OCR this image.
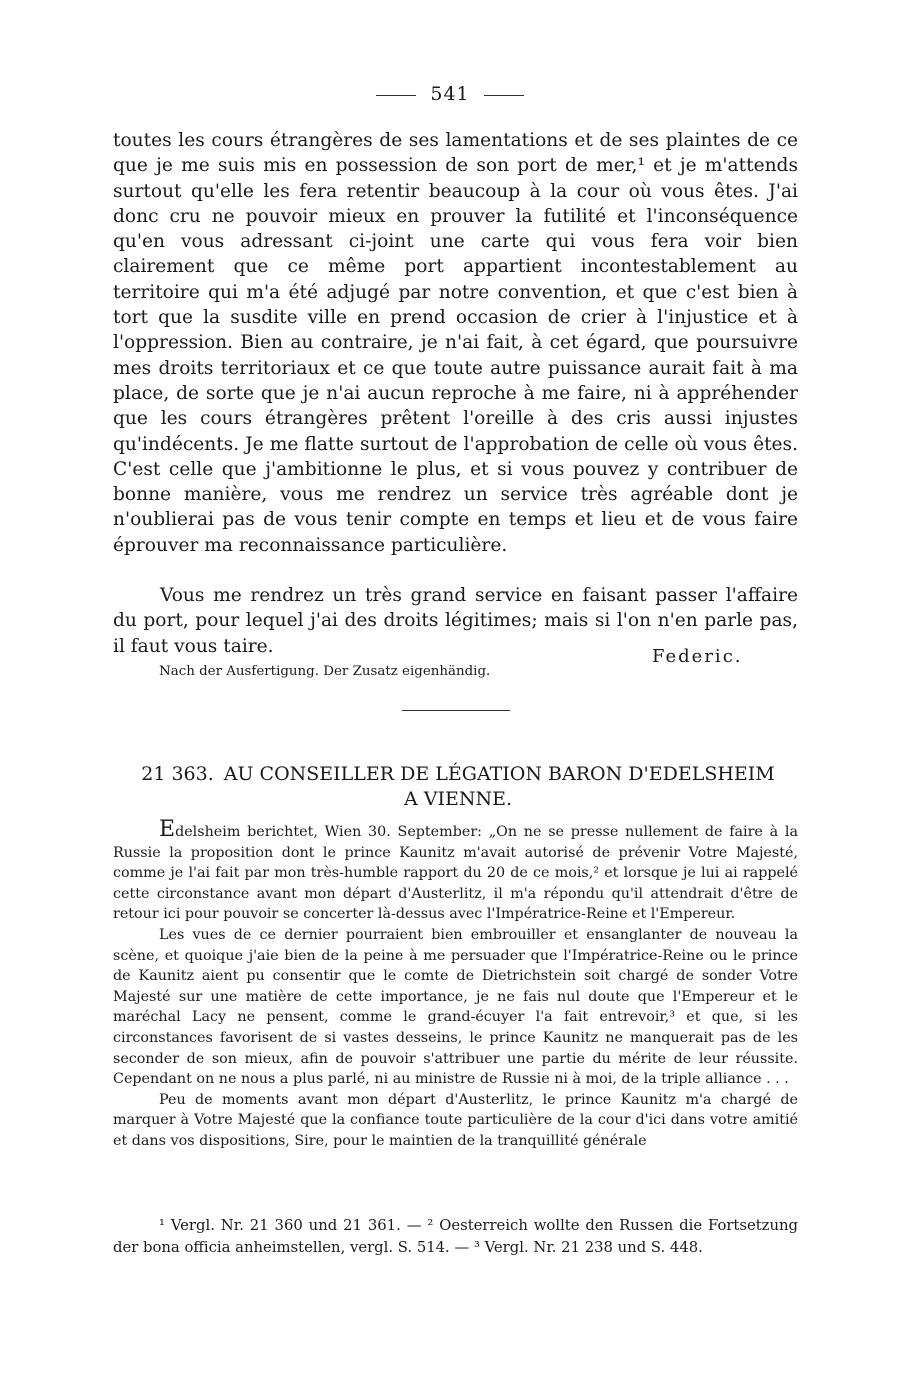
541

toutes les cours étrangères de ses lamentations et de ses plaintes de ce que je me suis mis en possession de son port de mer,¹ et je m'attends surtout qu'elle les fera retentir beaucoup à la cour où vous êtes. J'ai donc cru ne pouvoir mieux en prouver la futilité et l'inconséquence qu'en vous adressant ci-joint une carte qui vous fera voir bien clairement que ce même port appartient incontestablement au territoire qui m'a été adjugé par notre convention, et que c'est bien à tort que la susdite ville en prend occasion de crier à l'injustice et à l'oppression. Bien au contraire, je n'ai fait, à cet égard, que poursuivre mes droits territoriaux et ce que toute autre puissance aurait fait à ma place, de sorte que je n'ai aucun reproche à me faire, ni à appréhender que les cours étrangères prêtent l'oreille à des cris aussi injustes qu'indécents. Je me flatte surtout de l'approbation de celle où vous êtes. C'est celle que j'ambitionne le plus, et si vous pouvez y contribuer de bonne manière, vous me rendrez un service très agréable dont je n'oublierai pas de vous tenir compte en temps et lieu et de vous faire éprouver ma reconnaissance particulière.

Vous me rendrez un très grand service en faisant passer l'affaire du port, pour lequel j'ai des droits légitimes; mais si l'on n'en parle pas, il faut vous taire.	Federic.
Nach der Ausfertigung. Der Zusatz eigenhändig.
21 363. AU CONSEILLER DE LÉGATION BARON D'EDELSHEIM
A VIENNE.

Edelsheim berichtet, Wien 30. September: „On ne se presse nullement de faire à la Russie la proposition dont le prince Kaunitz m'avait autorisé de prévenir Votre Majesté, comme je l'ai fait par mon très-humble rapport du 20 de ce mois,² et lorsque je lui ai rappelé cette circonstance avant mon départ d'Austerlitz, il m'a répondu qu'il attendrait d'être de retour ici pour pouvoir se concerter là-dessus avec l'Impératrice-Reine et l'Empereur.

Les vues de ce dernier pourraient bien embrouiller et ensanglanter de nouveau la scène, et quoique j'aie bien de la peine à me persuader que l'Impératrice-Reine ou le prince de Kaunitz aient pu consentir que le comte de Dietrichstein soit chargé de sonder Votre Majesté sur une matière de cette importance, je ne fais nul doute que l'Empereur et le maréchal Lacy ne pensent, comme le grand-écuyer l'a fait entrevoir,³ et que, si les circonstances favorisent de si vastes desseins, le prince Kaunitz ne manquerait pas de les seconder de son mieux, afin de pouvoir s'attribuer une partie du mérite de leur réussite. Cependant on ne nous a plus parlé, ni au ministre de Russie ni à moi, de la triple alliance . . .

Peu de moments avant mon départ d'Austerlitz, le prince Kaunitz m'a chargé de marquer à Votre Majesté que la confiance toute particulière de la cour d'ici dans votre amitié et dans vos dispositions, Sire, pour le maintien de la tranquillité générale

¹ Vergl. Nr. 21 360 und 21 361. — ² Oesterreich wollte den Russen die Fortsetzung der bona officia anheimstellen, vergl. S. 514. — ³ Vergl. Nr. 21 238 und S. 448.
